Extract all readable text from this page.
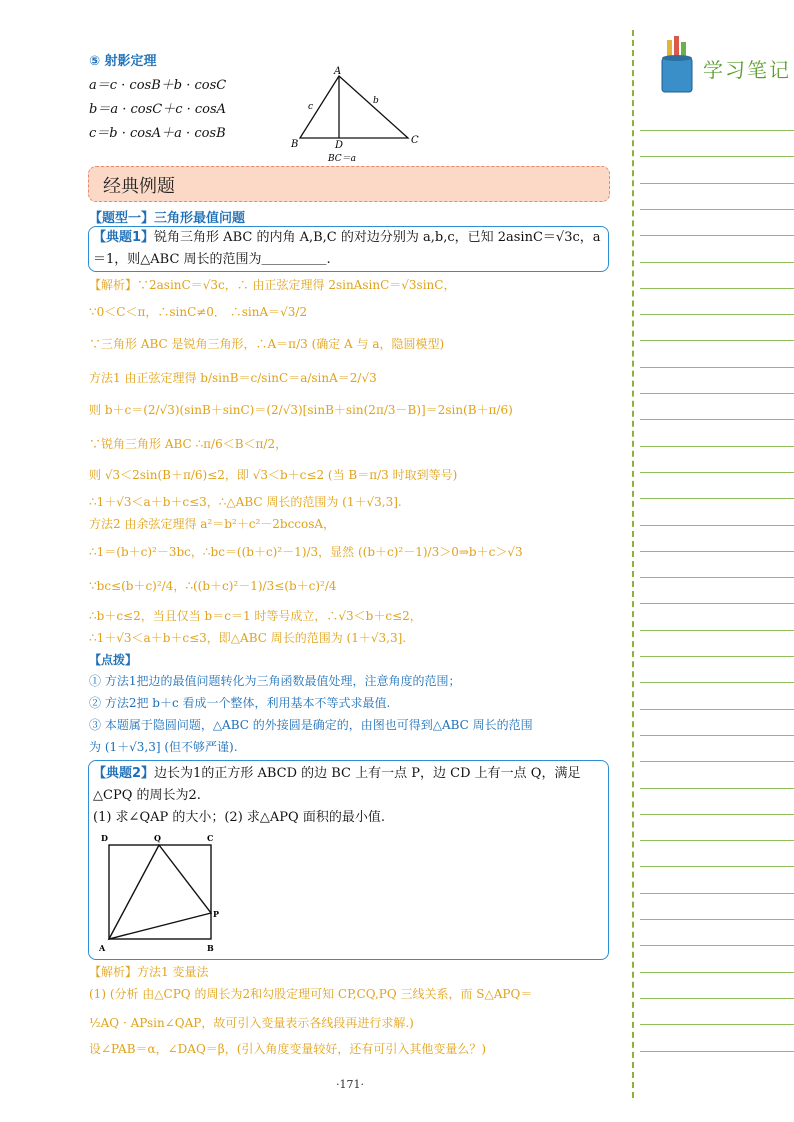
⑤ 射影定理
a＝c · cosB＋b · cosC
b＝a · cosC＋c · cosA
c＝b · cosA＋a · cosB
A
B	C
D
b
c
BC＝a
经典例题
【题型一】三角形最值问题
【典题1】锐角三角形 ABC 的内角 A,B,C 的对边分别为 a,b,c，已知 2asinC＝√3c，a
＝1，则△ABC 周长的范围为＿＿＿＿＿.
【解析】∵2asinC＝√3c，∴ 由正弦定理得 2sinAsinC＝√3sinC，
∵0＜C＜π，∴sinC≠0． ∴sinA＝√3/2
∵三角形 ABC 是锐角三角形，∴A＝π/3 (确定 A 与 a，隐圆模型)
方法1 由正弦定理得 b/sinB＝c/sinC＝a/sinA＝2/√3
则 b＋c＝(2/√3)(sinB＋sinC)＝(2/√3)[sinB＋sin(2π/3－B)]＝2sin(B＋π/6)
∵锐角三角形 ABC ∴π/6＜B＜π/2，
则 √3＜2sin(B＋π/6)≤2，即 √3＜b＋c≤2 (当 B＝π/3 时取到等号)
∴1＋√3＜a＋b＋c≤3，∴△ABC 周长的范围为 (1＋√3,3].
方法2 由余弦定理得 a²＝b²＋c²－2bccosA，
∴1＝(b＋c)²－3bc，∴bc＝((b＋c)²－1)/3，显然 ((b＋c)²－1)/3＞0⇒b＋c＞√3
∵bc≤(b＋c)²/4，∴((b＋c)²－1)/3≤(b＋c)²/4
∴b＋c≤2，当且仅当 b＝c＝1 时等号成立，∴√3＜b＋c≤2，
∴1＋√3＜a＋b＋c≤3，即△ABC 周长的范围为 (1＋√3,3].
【点拨】
① 方法1把边的最值问题转化为三角函数最值处理，注意角度的范围；
② 方法2把 b＋c 看成一个整体，利用基本不等式求最值.
③ 本题属于隐圆问题，△ABC 的外接圆是确定的，由图也可得到△ABC 周长的范围
为 (1＋√3,3] (但不够严谨).
【典题2】边长为1的正方形 ABCD 的边 BC 上有一点 P，边 CD 上有一点 Q，满足
△CPQ 的周长为2.
(1) 求∠QAP 的大小；(2) 求△APQ 面积的最小值.
D	Q	C
P
A	B
【解析】方法1 变量法
(1) (分析 由△CPQ 的周长为2和勾股定理可知 CP,CQ,PQ 三线关系，而 S△APQ＝
½AQ · APsin∠QAP，故可引入变量表示各线段再进行求解.)
设∠PAB＝α，∠DAQ＝β，(引入角度变量较好，还有可引入其他变量么？)
·171·
学习笔记
